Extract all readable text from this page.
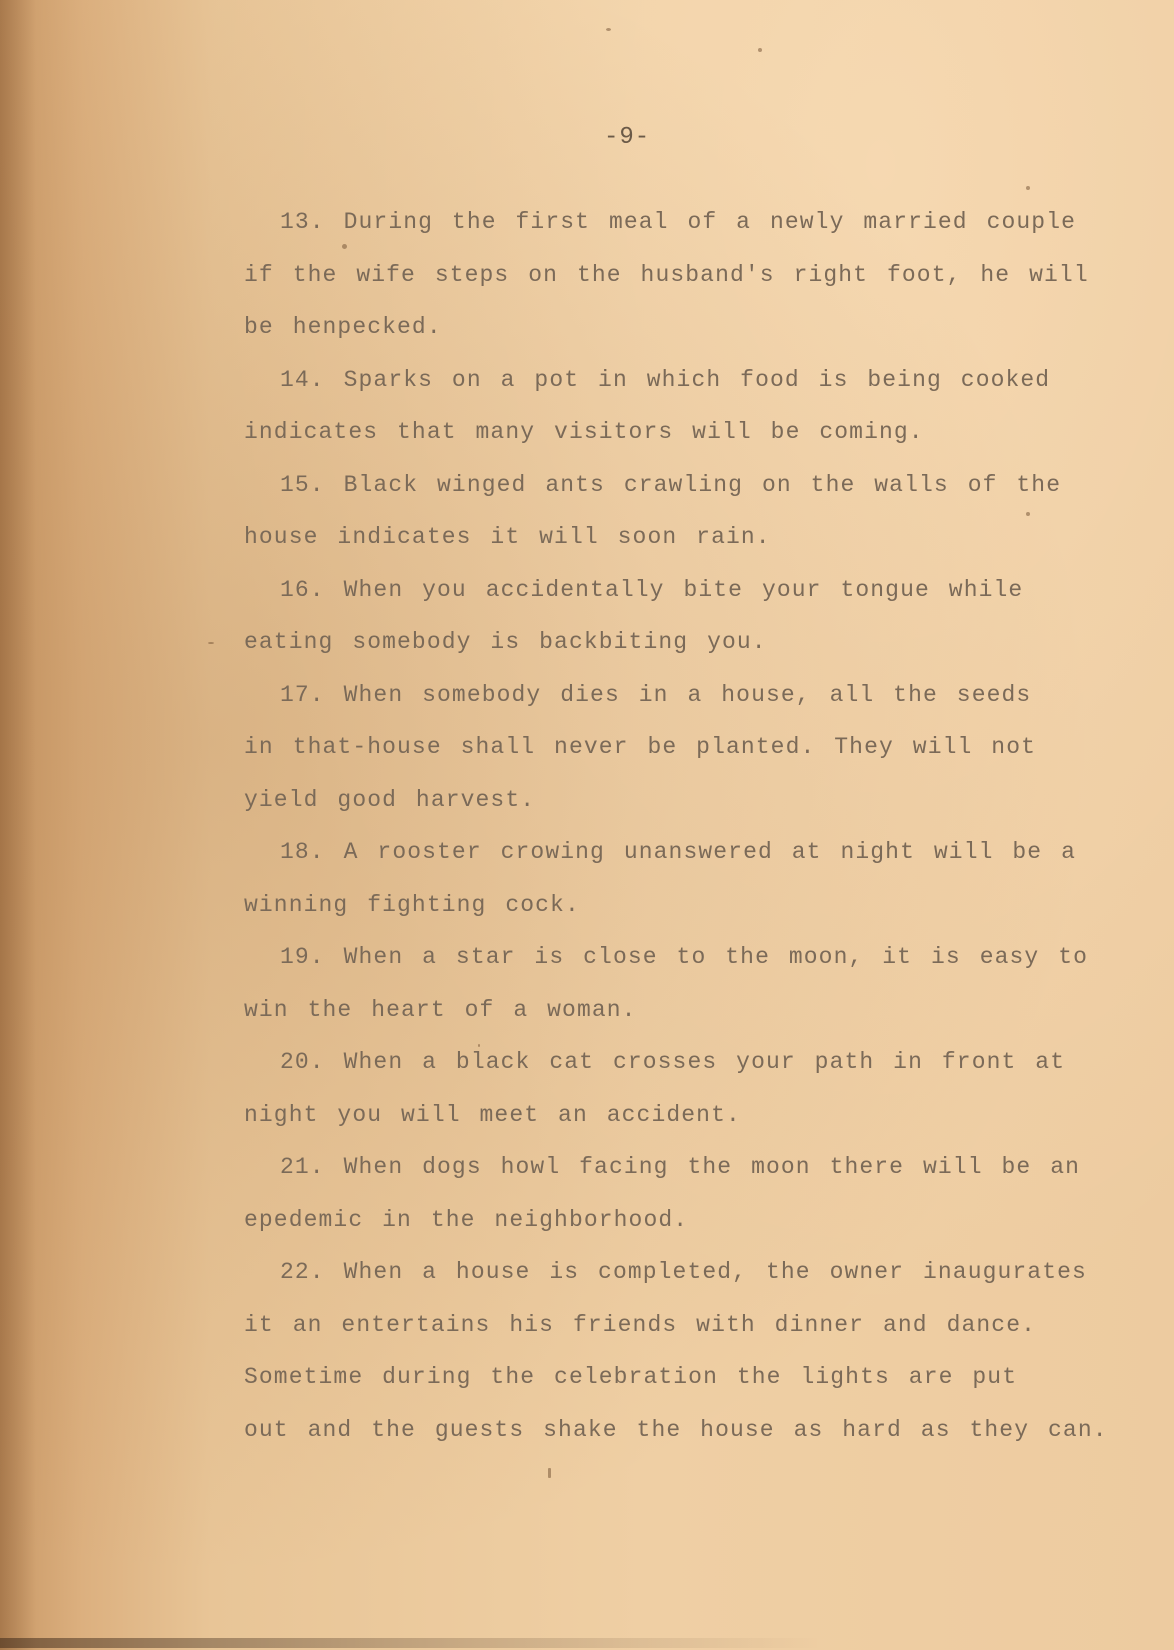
-9-
13. During the first meal of a newly married couple
if the wife steps on the husband's right foot, he will
be henpecked.
14. Sparks on a pot in which food is being cooked
indicates that many visitors will be coming.
15. Black winged ants crawling on the walls of the
house indicates it will soon rain.
16. When you accidentally bite your tongue while
eating somebody is backbiting you.
17. When somebody dies in a house, all the seeds
in that-house shall never be planted. They will not
yield good harvest.
18. A rooster crowing unanswered at night will be a
winning fighting cock.
19. When a star is close to the moon, it is easy to
win the heart of a woman.
20. When a black cat crosses your path in front at
night you will meet an accident.
21. When dogs howl facing the moon there will be an
epedemic in the neighborhood.
22. When a house is completed, the owner inaugurates
it an entertains his friends with dinner and dance.
Sometime during the celebration the lights are put
out and the guests shake the house as hard as they can.
